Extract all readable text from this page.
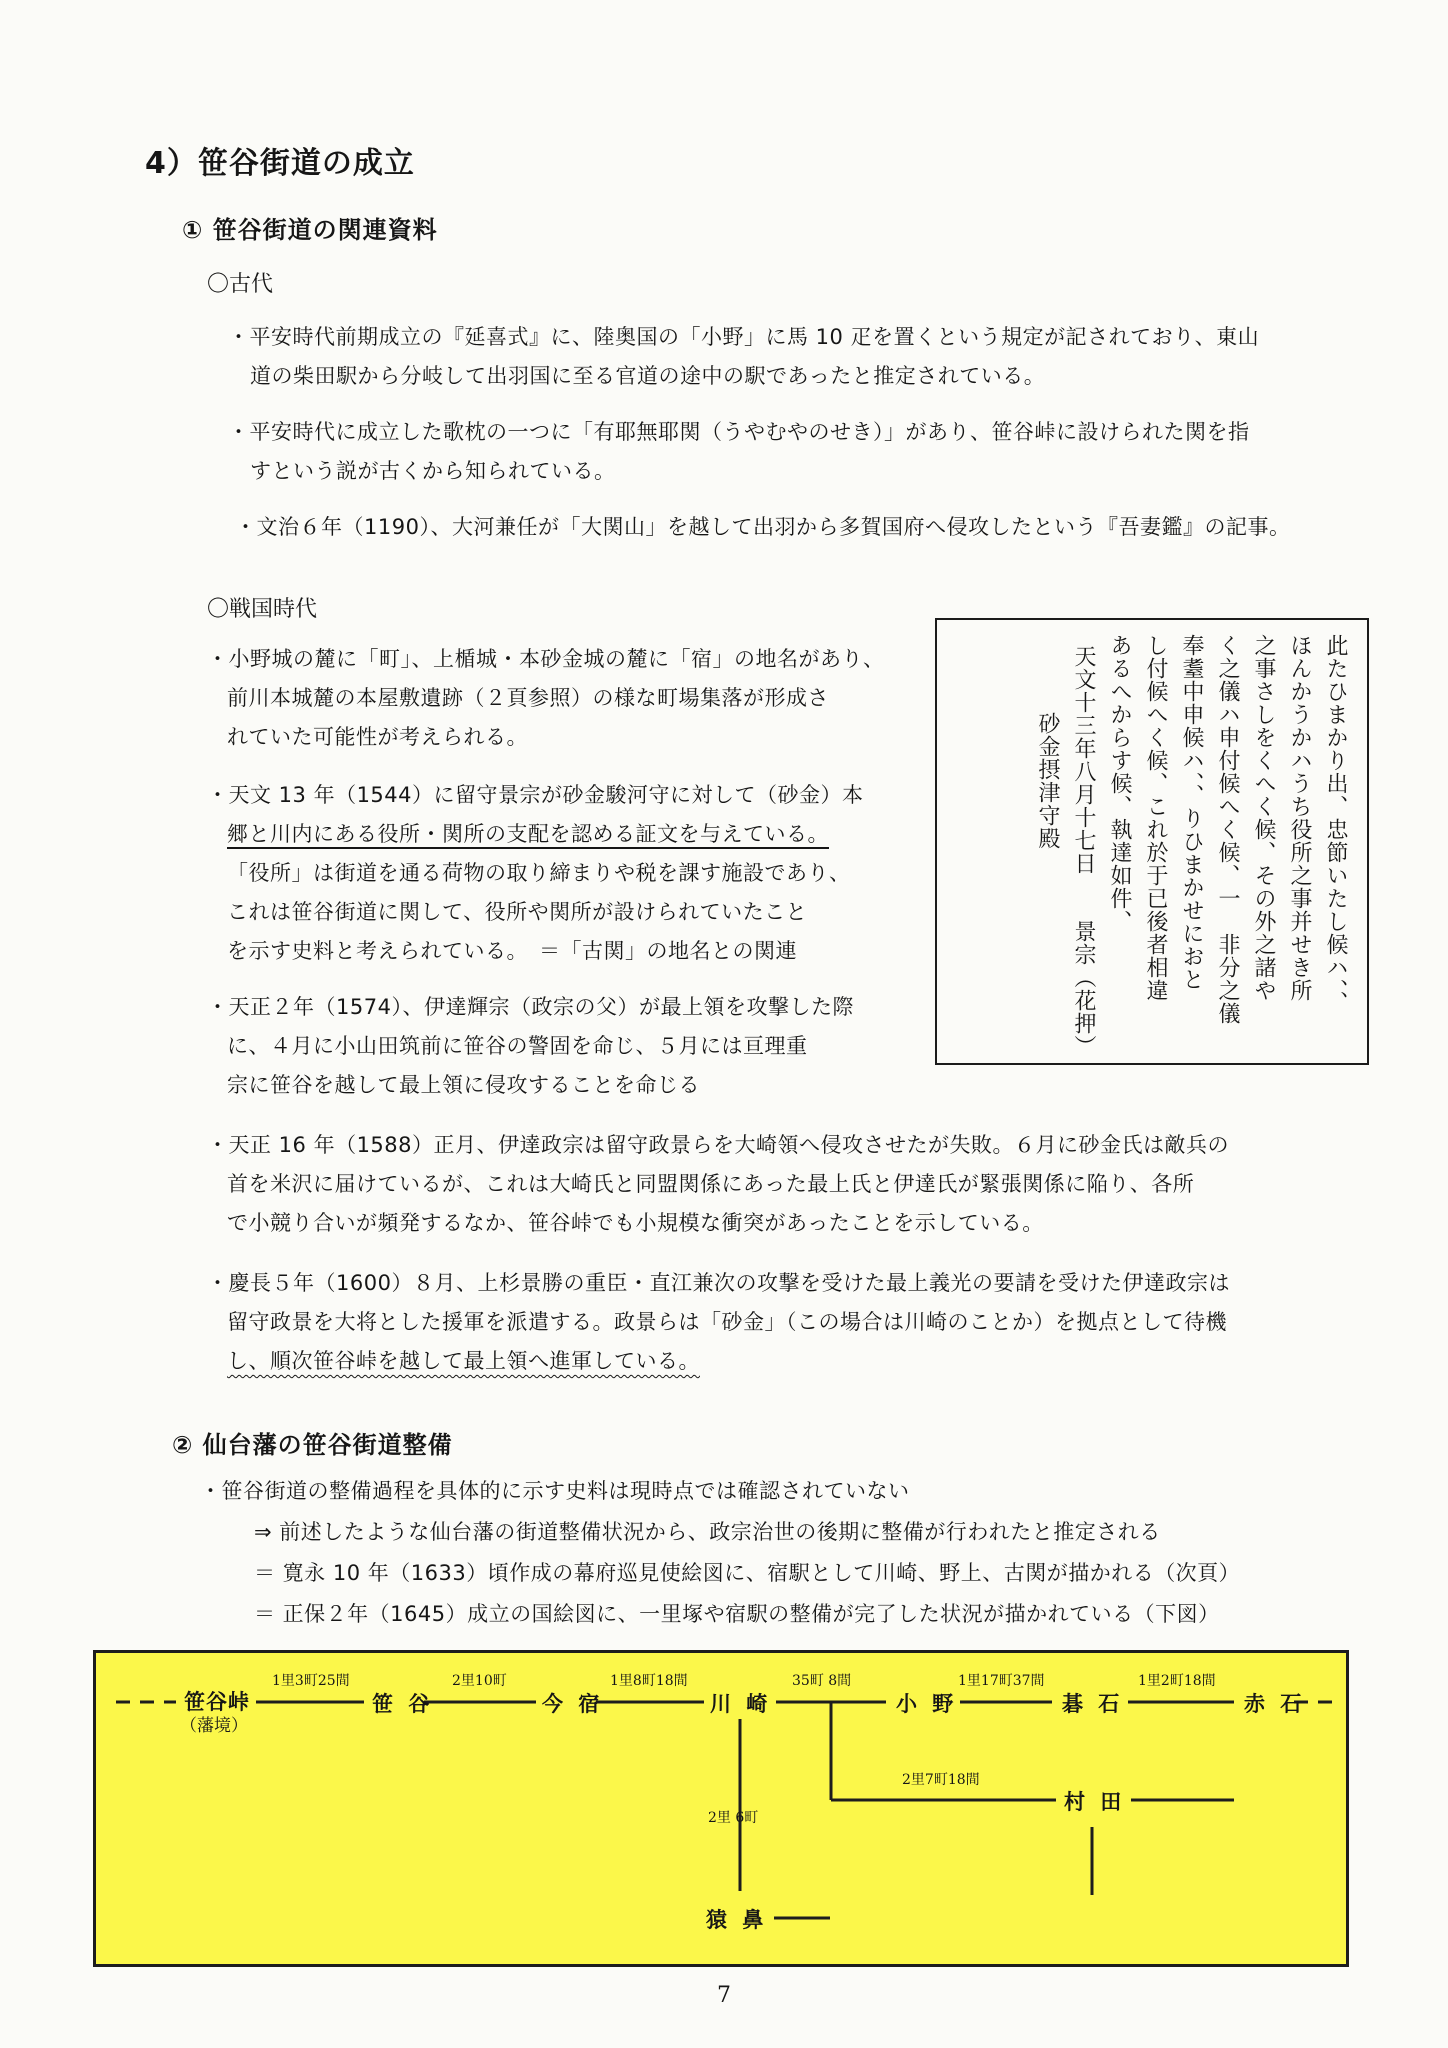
4）笹谷街道の成立
① 笹谷街道の関連資料
〇古代
・平安時代前期成立の『延喜式』に、陸奥国の「小野」に馬 10 疋を置くという規定が記されており、東山
道の柴田駅から分岐して出羽国に至る官道の途中の駅であったと推定されている。
・平安時代に成立した歌枕の一つに「有耶無耶関（うやむやのせき）」があり、笹谷峠に設けられた関を指
すという説が古くから知られている。
・文治６年（1190）、大河兼任が「大関山」を越して出羽から多賀国府へ侵攻したという『吾妻鑑』の記事。
〇戦国時代
・小野城の麓に「町」、上楯城・本砂金城の麓に「宿」の地名があり、
前川本城麓の本屋敷遺跡（２頁参照）の様な町場集落が形成さ
れていた可能性が考えられる。
・天文 13 年（1544）に留守景宗が砂金駿河守に対して（砂金）本
郷と川内にある役所・関所の支配を認める証文を与えている。
「役所」は街道を通る荷物の取り締まりや税を課す施設であり、
これは笹谷街道に関して、役所や関所が設けられていたこと
を示す史料と考えられている。　＝「古関」の地名との関連
・天正２年（1574）、伊達輝宗（政宗の父）が最上領を攻撃した際
に、４月に小山田筑前に笹谷の警固を命じ、５月には亘理重
宗に笹谷を越して最上領に侵攻することを命じる
・天正 16 年（1588）正月、伊達政宗は留守政景らを大崎領へ侵攻させたが失敗。６月に砂金氏は敵兵の
首を米沢に届けているが、これは大崎氏と同盟関係にあった最上氏と伊達氏が緊張関係に陥り、各所
で小競り合いが頻発するなか、笹谷峠でも小規模な衝突があったことを示している。
・慶長５年（1600）８月、上杉景勝の重臣・直江兼次の攻撃を受けた最上義光の要請を受けた伊達政宗は
留守政景を大将とした援軍を派遣する。政景らは「砂金」（この場合は川崎のことか）を拠点として待機
し、順次笹谷峠を越して最上領へ進軍している。
此たひまかり出、忠節いたし候ハ、、
ほんかうかハうち役所之事并せき所
之事さしをくへく候、その外之諸や
く之儀ハ申付候へく候、一　非分之儀
奉耋中申候ハ、、りひまかせにおと
し付候へく候、これ於于已後者相違
あるへからす候、執達如件、
天文十三年八月十七日
景宗（花押）
砂金摂津守殿
② 仙台藩の笹谷街道整備
・笹谷街道の整備過程を具体的に示す史料は現時点では確認されていない
⇒ 前述したような仙台藩の街道整備状況から、政宗治世の後期に整備が行われたと推定される
＝ 寛永 10 年（1633）頃作成の幕府巡見使絵図に、宿駅として川崎、野上、古関が描かれる（次頁）
＝ 正保２年（1645）成立の国絵図に、一里塚や宿駅の整備が完了した状況が描かれている（下図）
笹谷峠
（藩境）
笹 谷	今 宿	川 崎	小 野	碁 石	赤 石
村 田
猿 鼻
1里3町25間	2里10町	1里8町18間	35町 8間	1里17町37間	1里2町18間
2里7町18間
2里 6町
7
